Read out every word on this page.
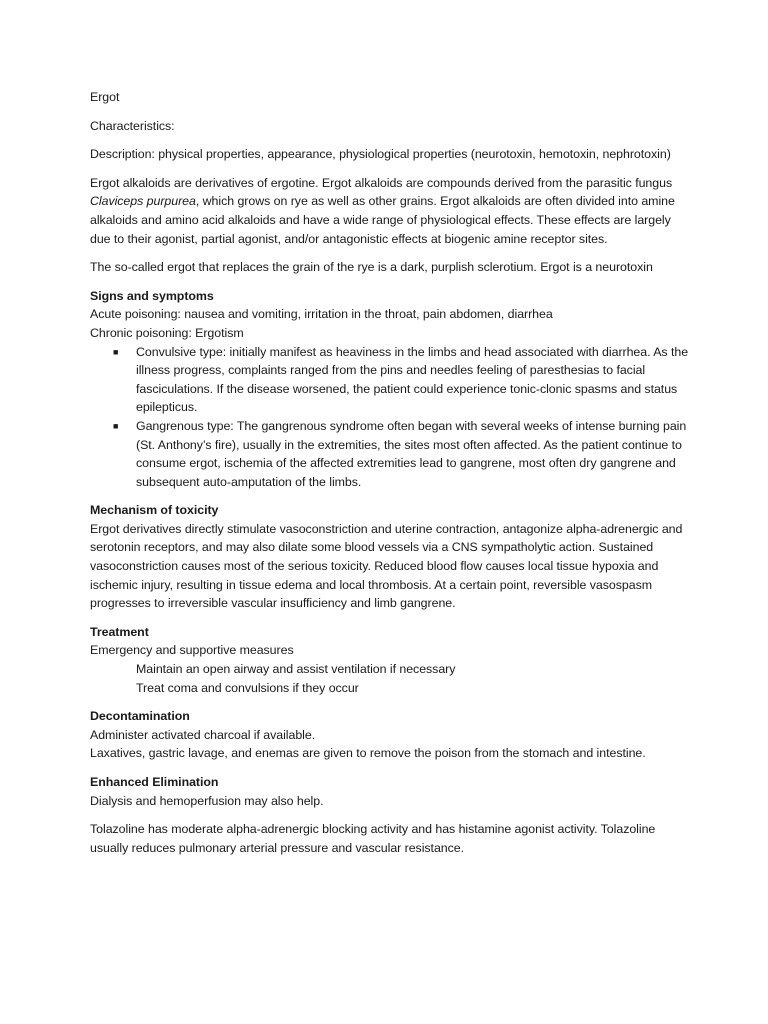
Ergot

Characteristics:

Description: physical properties, appearance, physiological properties (neurotoxin, hemotoxin, nephrotoxin)

Ergot alkaloids are derivatives of ergotine. Ergot alkaloids are compounds derived from the parasitic fungus Claviceps purpurea, which grows on rye as well as other grains. Ergot alkaloids are often divided into amine alkaloids and amino acid alkaloids and have a wide range of physiological effects. These effects are largely due to their agonist, partial agonist, and/or antagonistic effects at biogenic amine receptor sites.

The so-called ergot that replaces the grain of the rye is a dark, purplish sclerotium. Ergot is a neurotoxin

Signs and symptoms

Acute poisoning: nausea and vomiting, irritation in the throat, pain abdomen, diarrhea

Chronic poisoning: Ergotism

■ Convulsive type: initially manifest as heaviness in the limbs and head associated with diarrhea. As the illness progress, complaints ranged from the pins and needles feeling of paresthesias to facial fasciculations. If the disease worsened, the patient could experience tonic-clonic spasms and status epilepticus.
■ Gangrenous type: The gangrenous syndrome often began with several weeks of intense burning pain (St. Anthony’s fire), usually in the extremities, the sites most often affected. As the patient continue to consume ergot, ischemia of the affected extremities lead to gangrene, most often dry gangrene and subsequent auto-amputation of the limbs.

Mechanism of toxicity

Ergot derivatives directly stimulate vasoconstriction and uterine contraction, antagonize alpha-adrenergic and serotonin receptors, and may also dilate some blood vessels via a CNS sympatholytic action. Sustained vasoconstriction causes most of the serious toxicity. Reduced blood flow causes local tissue hypoxia and ischemic injury, resulting in tissue edema and local thrombosis. At a certain point, reversible vasospasm progresses to irreversible vascular insufficiency and limb gangrene.

Treatment

Emergency and supportive measures

Maintain an open airway and assist ventilation if necessary

Treat coma and convulsions if they occur

Decontamination

Administer activated charcoal if available.

Laxatives, gastric lavage, and enemas are given to remove the poison from the stomach and intestine.

Enhanced Elimination

Dialysis and hemoperfusion may also help.

Tolazoline has moderate alpha-adrenergic blocking activity and has histamine agonist activity. Tolazoline usually reduces pulmonary arterial pressure and vascular resistance.
